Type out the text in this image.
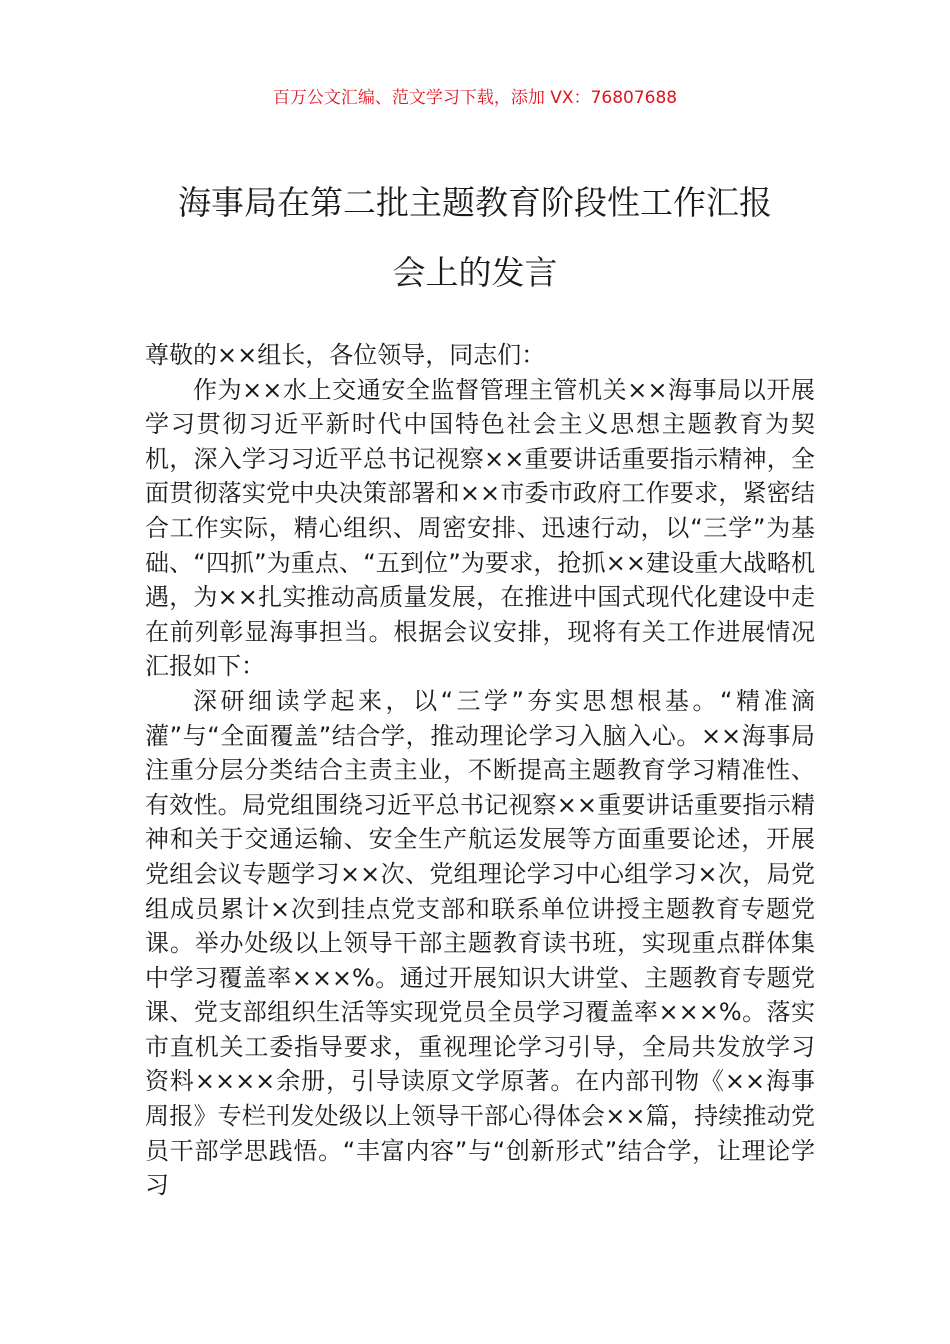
百万公文汇编、范文学习下载，添加 VX：76807688
海事局在第二批主题教育阶段性工作汇报
会上的发言

尊敬的××组长，各位领导，同志们：

作为××水上交通安全监督管理主管机关××海事局以开展学习贯彻习近平新时代中国特色社会主义思想主题教育为契机，深入学习习近平总书记视察××重要讲话重要指示精神，全面贯彻落实党中央决策部署和××市委市政府工作要求，紧密结合工作实际，精心组织、周密安排、迅速行动，以“三学”为基础、“四抓”为重点、“五到位”为要求，抢抓××建设重大战略机遇，为××扎实推动高质量发展，在推进中国式现代化建设中走在前列彰显海事担当。根据会议安排，现将有关工作进展情况汇报如下：

深研细读学起来，以“三学”夯实思想根基。“精准滴灌”与“全面覆盖”结合学，推动理论学习入脑入心。××海事局注重分层分类结合主责主业，不断提高主题教育学习精准性、有效性。局党组围绕习近平总书记视察××重要讲话重要指示精神和关于交通运输、安全生产航运发展等方面重要论述，开展党组会议专题学习××次、党组理论学习中心组学习×次，局党组成员累计×次到挂点党支部和联系单位讲授主题教育专题党课。举办处级以上领导干部主题教育读书班，实现重点群体集中学习覆盖率×××%。通过开展知识大讲堂、主题教育专题党课、党支部组织生活等实现党员全员学习覆盖率×××%。落实市直机关工委指导要求，重视理论学习引导，全局共发放学习资料××××余册，引导读原文学原著。在内部刊物《××海事周报》专栏刊发处级以上领导干部心得体会××篇，持续推动党员干部学思践悟。“丰富内容”与“创新形式”结合学，让理论学习
